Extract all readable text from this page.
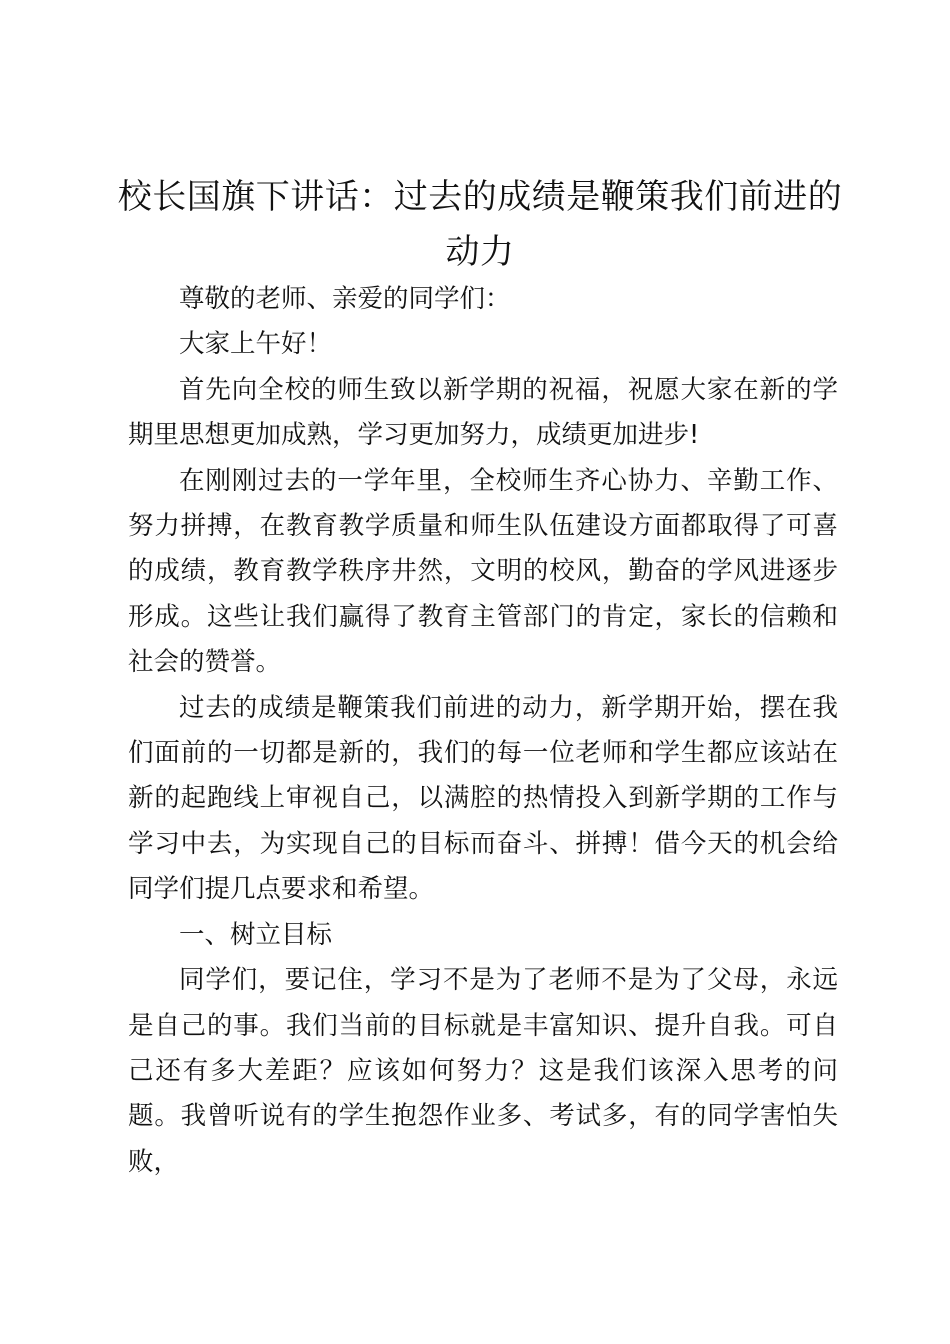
校长国旗下讲话：过去的成绩是鞭策我们前进的动力

尊敬的老师、亲爱的同学们：

大家上午好！

首先向全校的师生致以新学期的祝福，祝愿大家在新的学期里思想更加成熟，学习更加努力，成绩更加进步!

在刚刚过去的一学年里，全校师生齐心协力、辛勤工作、努力拼搏，在教育教学质量和师生队伍建设方面都取得了可喜的成绩，教育教学秩序井然，文明的校风，勤奋的学风进逐步形成。这些让我们赢得了教育主管部门的肯定，家长的信赖和社会的赞誉。

过去的成绩是鞭策我们前进的动力，新学期开始，摆在我们面前的一切都是新的，我们的每一位老师和学生都应该站在新的起跑线上审视自己，以满腔的热情投入到新学期的工作与学习中去，为实现自己的目标而奋斗、拼搏！借今天的机会给同学们提几点要求和希望。

一、树立目标

同学们，要记住，学习不是为了老师不是为了父母，永远是自己的事。我们当前的目标就是丰富知识、提升自我。可自己还有多大差距？应该如何努力？这是我们该深入思考的问题。我曾听说有的学生抱怨作业多、考试多，有的同学害怕失败，
